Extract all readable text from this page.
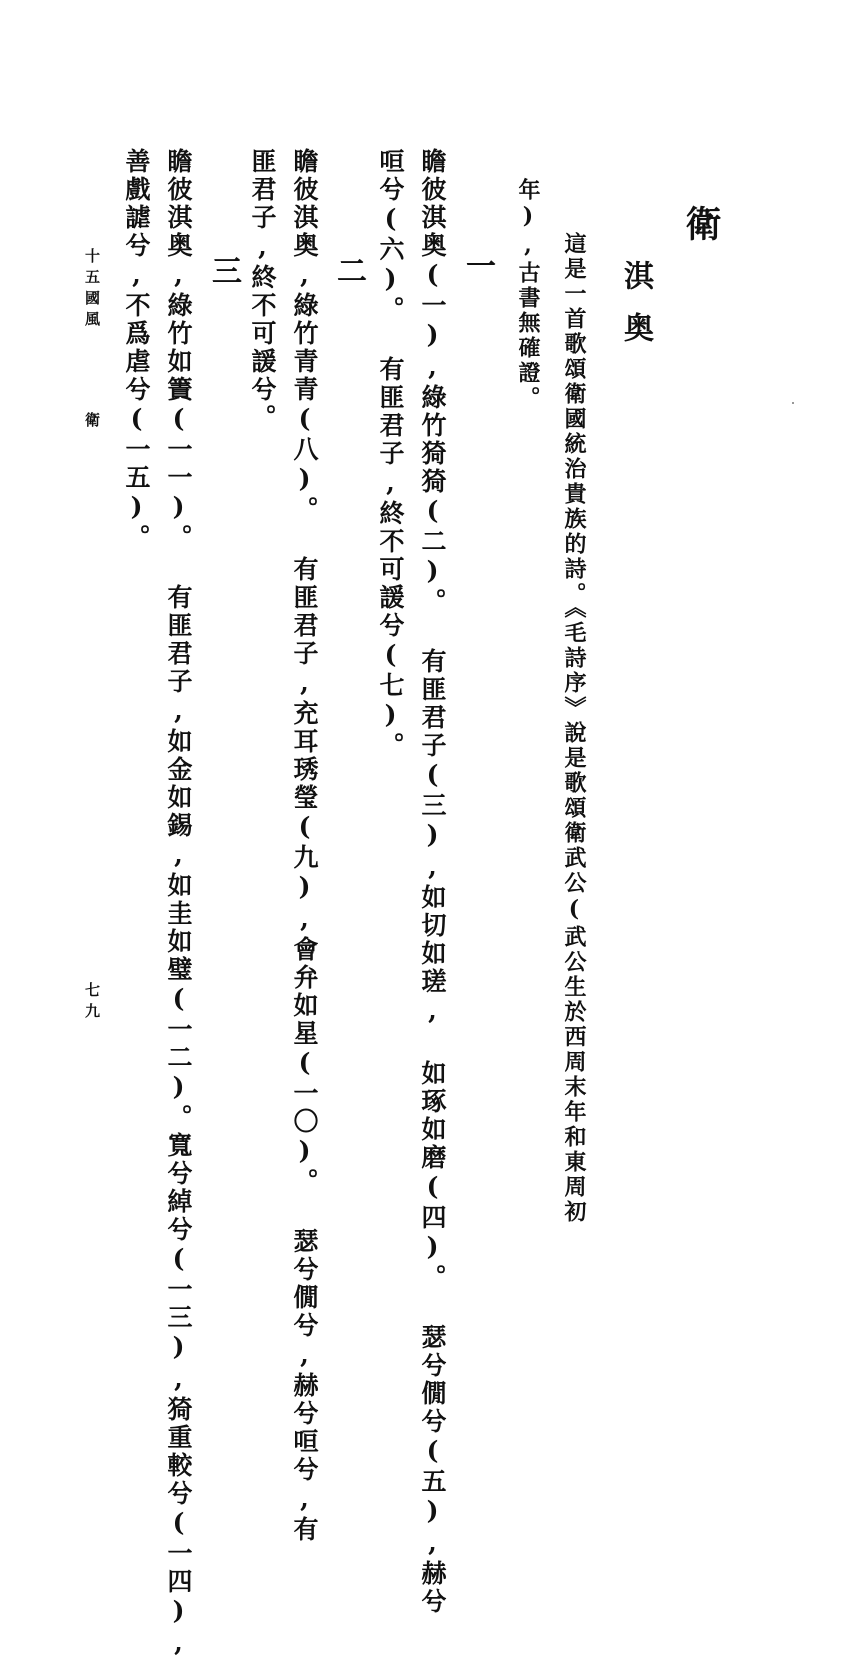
衛
淇奥
這是一首歌頌衛國統治貴族的詩。《毛詩序》說是歌頌衛武公(武公生於西周末年和東周初
年),古書無確證。
一
瞻彼淇奥(一),綠竹猗猗(二)。 有匪君子(三),如切如瑳, 如琢如磨(四)。 瑟兮僩兮(五),赫兮
咺兮(六)。 有匪君子,終不可諼兮(七)。
二
瞻彼淇奥,綠竹青青(八)。 有匪君子,充耳琇瑩(九),會弁如星(一〇)。 瑟兮僩兮,赫兮咺兮,有
匪君子,終不可諼兮。
三
瞻彼淇奥,綠竹如簀(一一)。 有匪君子,如金如錫,如圭如璧(一二)。寬兮綽兮(一三),猗重較兮(一四),
善戲謔兮,不爲虐兮(一五)。
十五國風
衛
七九
